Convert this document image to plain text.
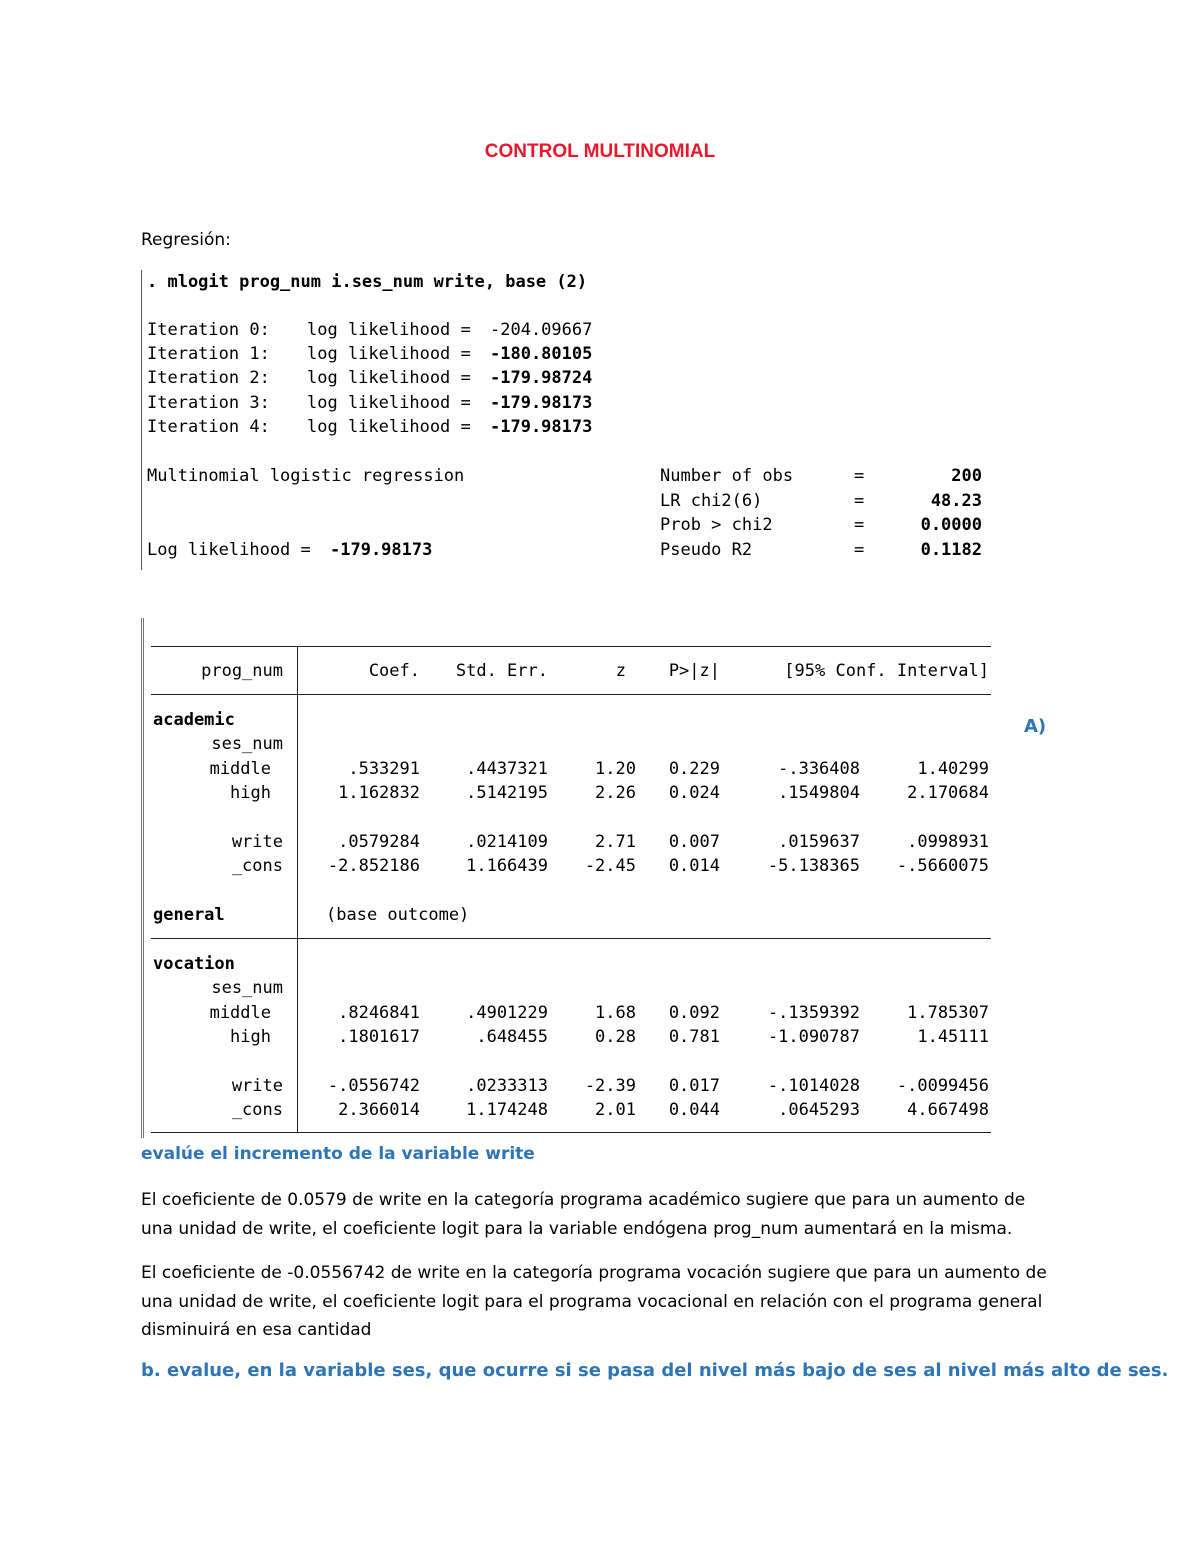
CONTROL MULTINOMIAL
Regresión:
. mlogit prog_num i.ses_num write, base (2)
Iteration 0: log likelihood = -204.09667
Iteration 1: log likelihood = -180.80105
Iteration 2: log likelihood = -179.98724
Iteration 3: log likelihood = -179.98173
Iteration 4: log likelihood = -179.98173
Multinomial logistic regression	Number of obs	=	200
LR chi2(6)	=	48.23
Prob > chi2	=	0.0000
Log likelihood = -179.98173	Pseudo R2	=	0.1182
prog_num	Coef.	Std. Err.	z	P>|z|	[95% Conf. Interval]
academic
ses_num
middle	.533291	.4437321	1.20	0.229	-.336408	1.40299
high	1.162832	.5142195	2.26	0.024	.1549804	2.170684
write	.0579284	.0214109	2.71	0.007	.0159637	.0998931
_cons	-2.852186	1.166439	-2.45	0.014	-5.138365	-.5660075
general	(base outcome)
vocation
ses_num
middle	.8246841	.4901229	1.68	0.092	-.1359392	1.785307
high	.1801617	.648455	0.28	0.781	-1.090787	1.45111
write	-.0556742	.0233313	-2.39	0.017	-.1014028	-.0099456
_cons	2.366014	1.174248	2.01	0.044	.0645293	4.667498
A)
evalúe el incremento de la variable write
El coeficiente de 0.0579 de write en la categoría programa académico sugiere que para un aumento de una unidad de write, el coeficiente logit para la variable endógena prog_num aumentará en la misma.
El coeficiente de -0.0556742 de write en la categoría programa vocación sugiere que para un aumento de una unidad de write, el coeficiente logit para el programa vocacional en relación con el programa general disminuirá en esa cantidad
b. evalue, en la variable ses, que ocurre si se pasa del nivel más bajo de ses al nivel más alto de ses.
